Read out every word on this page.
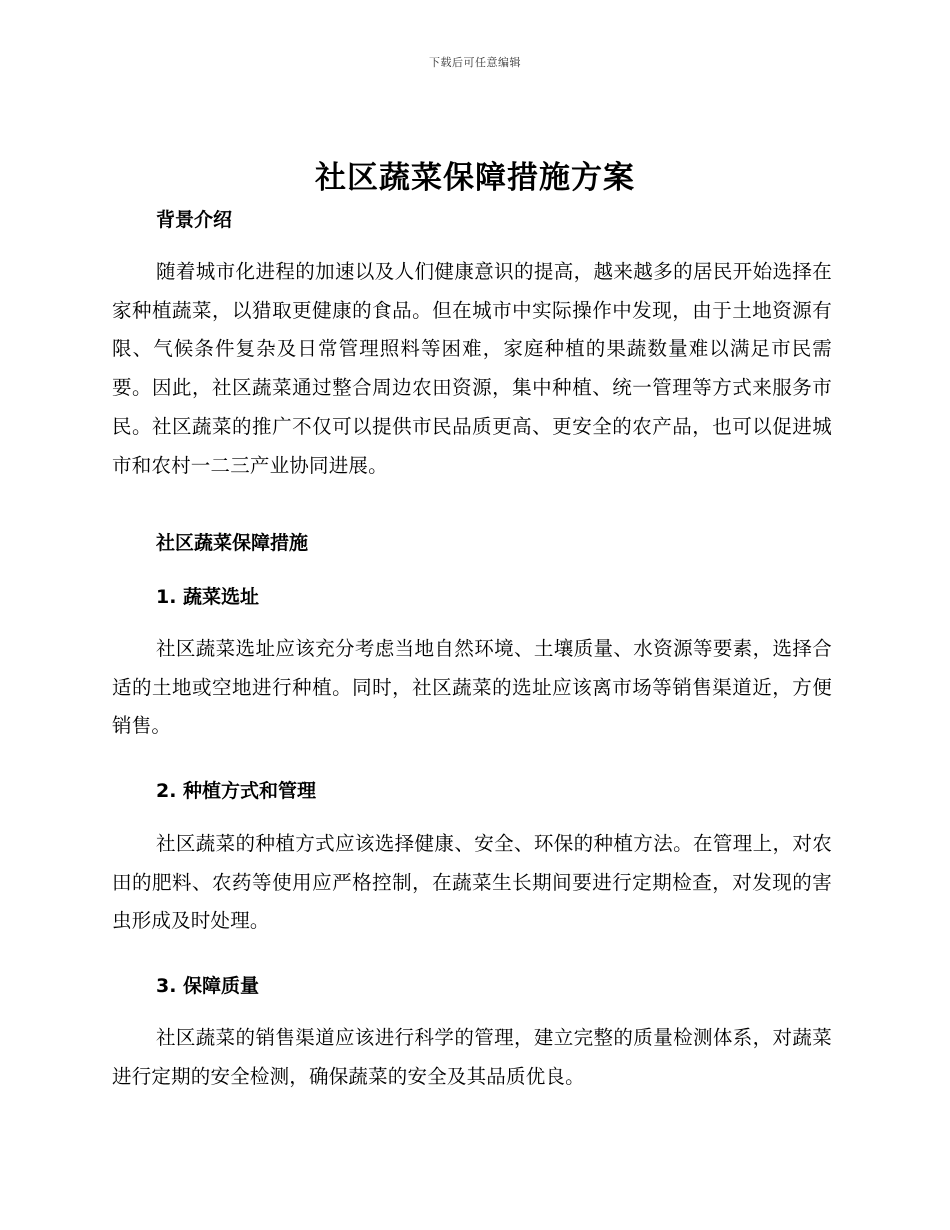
下载后可任意编辑
社区蔬菜保障措施方案
背景介绍

随着城市化进程的加速以及人们健康意识的提高，越来越多的居民开始选择在家种植蔬菜，以猎取更健康的食品。但在城市中实际操作中发现，由于土地资源有限、气候条件复杂及日常管理照料等困难，家庭种植的果蔬数量难以满足市民需要。因此，社区蔬菜通过整合周边农田资源，集中种植、统一管理等方式来服务市民。社区蔬菜的推广不仅可以提供市民品质更高、更安全的农产品，也可以促进城市和农村一二三产业协同进展。

社区蔬菜保障措施
1. 蔬菜选址

社区蔬菜选址应该充分考虑当地自然环境、土壤质量、水资源等要素，选择合适的土地或空地进行种植。同时，社区蔬菜的选址应该离市场等销售渠道近，方便销售。

2. 种植方式和管理

社区蔬菜的种植方式应该选择健康、安全、环保的种植方法。在管理上，对农田的肥料、农药等使用应严格控制，在蔬菜生长期间要进行定期检查，对发现的害虫形成及时处理。

3. 保障质量

社区蔬菜的销售渠道应该进行科学的管理，建立完整的质量检测体系，对蔬菜进行定期的安全检测，确保蔬菜的安全及其品质优良。
